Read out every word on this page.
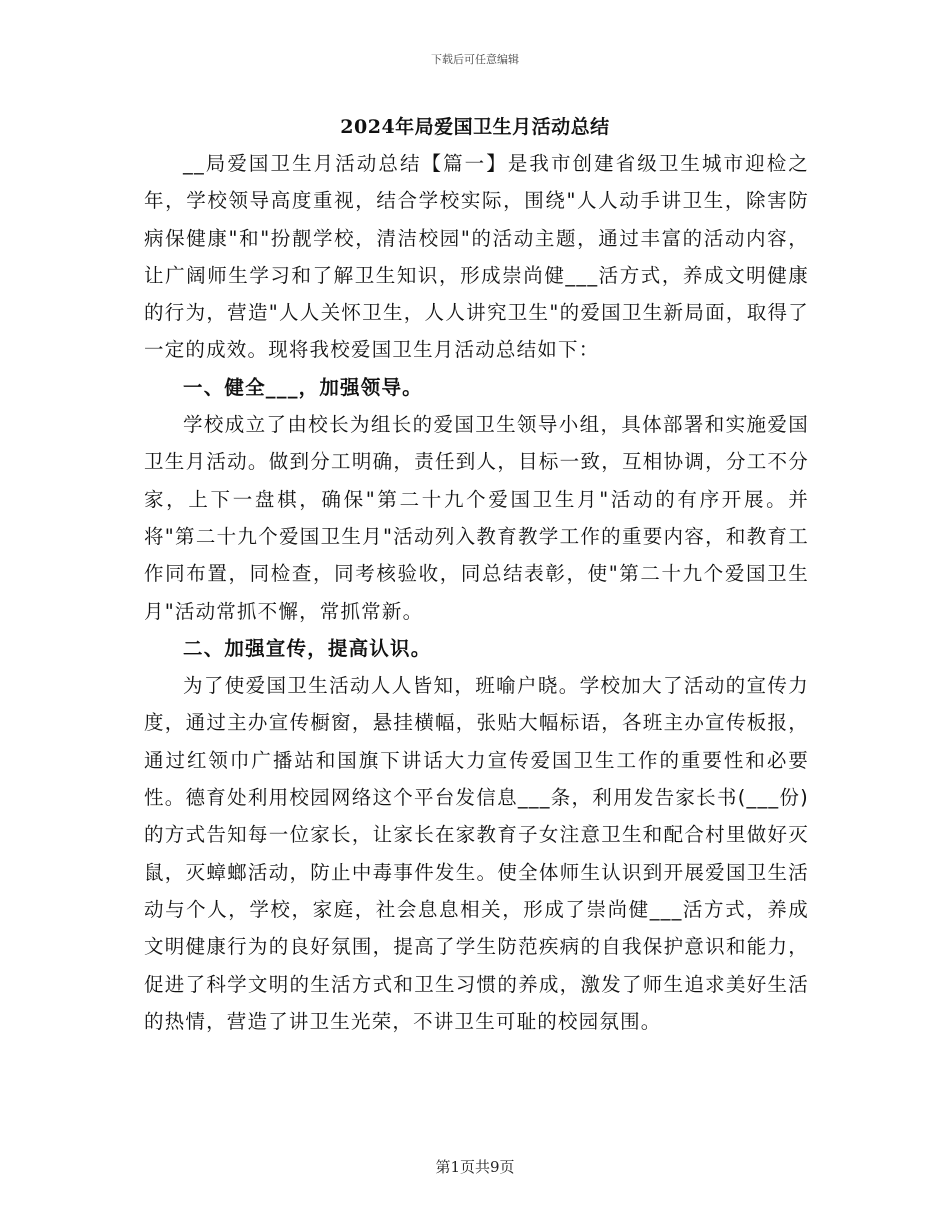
下载后可任意编辑
2024年局爱国卫生月活动总结

__局爱国卫生月活动总结【篇一】是我市创建省级卫生城市迎检之年，学校领导高度重视，结合学校实际，围绕"人人动手讲卫生，除害防病保健康"和"扮靓学校，清洁校园"的活动主题，通过丰富的活动内容，让广阔师生学习和了解卫生知识，形成崇尚健___活方式，养成文明健康的行为，营造"人人关怀卫生，人人讲究卫生"的爱国卫生新局面，取得了一定的成效。现将我校爱国卫生月活动总结如下：

一、健全___，加强领导。

学校成立了由校长为组长的爱国卫生领导小组，具体部署和实施爱国卫生月活动。做到分工明确，责任到人，目标一致，互相协调，分工不分家，上下一盘棋，确保"第二十九个爱国卫生月"活动的有序开展。并将"第二十九个爱国卫生月"活动列入教育教学工作的重要内容，和教育工作同布置，同检查，同考核验收，同总结表彰，使"第二十九个爱国卫生月"活动常抓不懈，常抓常新。

二、加强宣传，提高认识。

为了使爱国卫生活动人人皆知，班喻户晓。学校加大了活动的宣传力度，通过主办宣传橱窗，悬挂横幅，张贴大幅标语，各班主办宣传板报，通过红领巾广播站和国旗下讲话大力宣传爱国卫生工作的重要性和必要性。德育处利用校园网络这个平台发信息___条，利用发告家长书(___份)的方式告知每一位家长，让家长在家教育子女注意卫生和配合村里做好灭鼠，灭蟑螂活动，防止中毒事件发生。使全体师生认识到开展爱国卫生活动与个人，学校，家庭，社会息息相关，形成了崇尚健___活方式，养成文明健康行为的良好氛围，提高了学生防范疾病的自我保护意识和能力，促进了科学文明的生活方式和卫生习惯的养成，激发了师生追求美好生活的热情，营造了讲卫生光荣，不讲卫生可耻的校园氛围。

第1页共9页
